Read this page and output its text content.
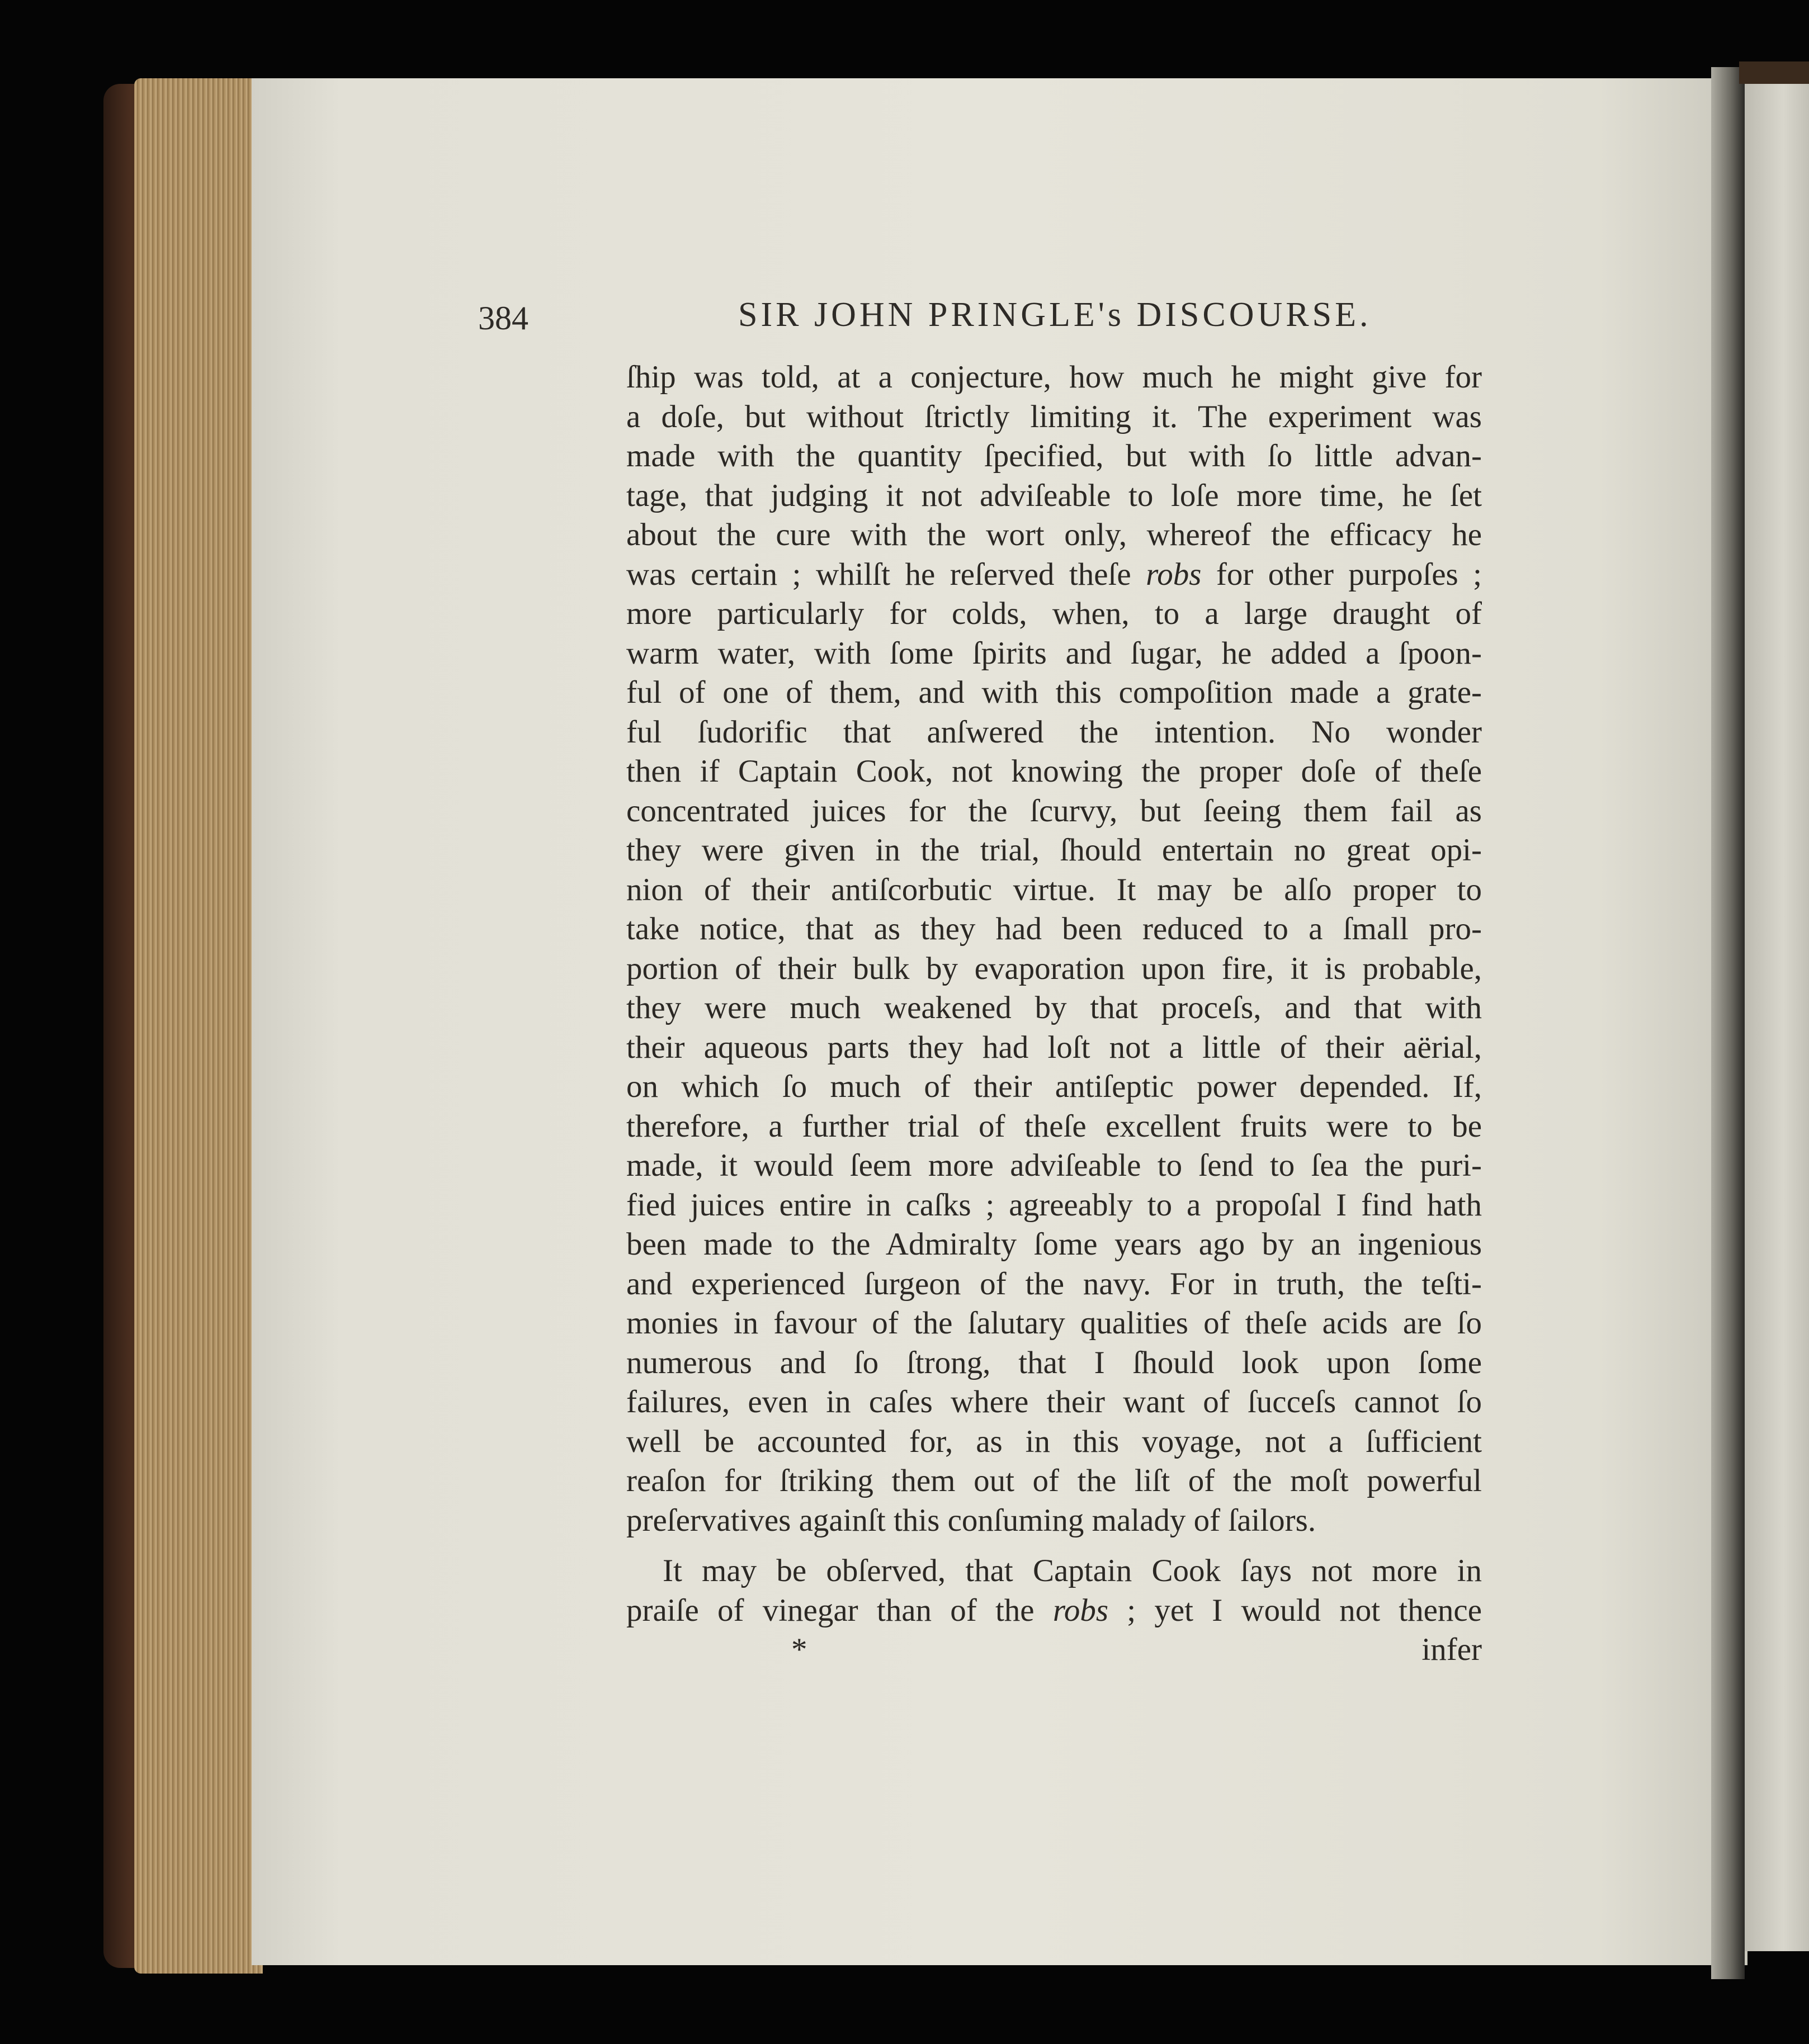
384	SIR JOHN PRINGLE's DISCOURSE.
ſhip was told, at a conjecture, how much he might give for
a doſe, but without ſtrictly limiting it. The experiment was
made with the quantity ſpecified, but with ſo little advan-
tage, that judging it not adviſeable to loſe more time, he ſet
about the cure with the wort only, whereof the efficacy he
was certain ; whilſt he reſerved theſe robs for other purpoſes ;
more particularly for colds, when, to a large draught of
warm water, with ſome ſpirits and ſugar, he added a ſpoon-
ful of one of them, and with this compoſition made a grate-
ful ſudorific that anſwered the intention. No wonder
then if Captain Cook, not knowing the proper doſe of theſe
concentrated juices for the ſcurvy, but ſeeing them fail as
they were given in the trial, ſhould entertain no great opi-
nion of their antiſcorbutic virtue. It may be alſo proper to
take notice, that as they had been reduced to a ſmall pro-
portion of their bulk by evaporation upon fire, it is probable,
they were much weakened by that proceſs, and that with
their aqueous parts they had loſt not a little of their aërial,
on which ſo much of their antiſeptic power depended. If,
therefore, a further trial of theſe excellent fruits were to be
made, it would ſeem more adviſeable to ſend to ſea the puri-
fied juices entire in caſks ; agreeably to a propoſal I find hath
been made to the Admiralty ſome years ago by an ingenious
and experienced ſurgeon of the navy. For in truth, the teſti-
monies in favour of the ſalutary qualities of theſe acids are ſo
numerous and ſo ſtrong, that I ſhould look upon ſome
failures, even in caſes where their want of ſucceſs cannot ſo
well be accounted for, as in this voyage, not a ſufficient
reaſon for ſtriking them out of the liſt of the moſt powerful
preſervatives againſt this conſuming malady of ſailors.
It may be obſerved, that Captain Cook ſays not more in
praiſe of vinegar than of the robs ; yet I would not thence
*	infer
